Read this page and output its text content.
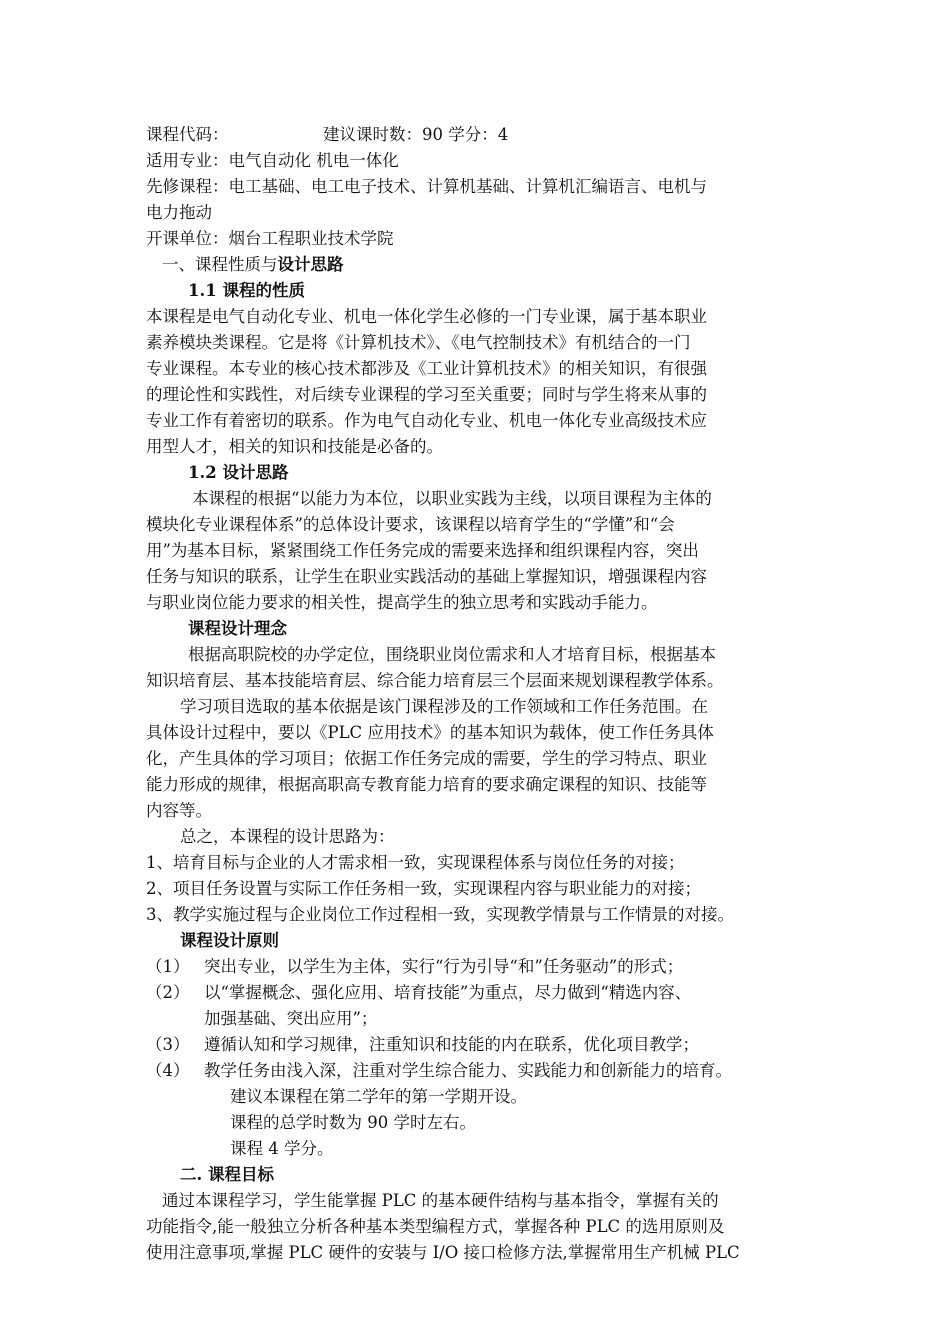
课程代码：	建议课时数：90 学分：4
适用专业：电气自动化 机电一体化
先修课程：电工基础、电工电子技术、计算机基础、计算机汇编语言、电机与
电力拖动
开课单位：烟台工程职业技术学院
一、课程性质与设计思路
1.1 课程的性质
本课程是电气自动化专业、机电一体化学生必修的一门专业课，属于基本职业
素养模块类课程。它是将《计算机技术》、《电气控制技术》有机结合的一门
专业课程。本专业的核心技术都涉及《工业计算机技术》的相关知识，有很强
的理论性和实践性，对后续专业课程的学习至关重要；同时与学生将来从事的
专业工作有着密切的联系。作为电气自动化专业、机电一体化专业高级技术应
用型人才，相关的知识和技能是必备的。
1.2 设计思路
本课程的根据“以能力为本位，以职业实践为主线，以项目课程为主体的
模块化专业课程体系”的总体设计要求，该课程以培育学生的“学懂”和“会
用”为基本目标，紧紧围绕工作任务完成的需要来选择和组织课程内容，突出
任务与知识的联系，让学生在职业实践活动的基础上掌握知识，增强课程内容
与职业岗位能力要求的相关性，提高学生的独立思考和实践动手能力。
课程设计理念
根据高职院校的办学定位，围绕职业岗位需求和人才培育目标，根据基本
知识培育层、基本技能培育层、综合能力培育层三个层面来规划课程教学体系。
学习项目选取的基本依据是该门课程涉及的工作领域和工作任务范围。在
具体设计过程中，要以《PLC 应用技术》的基本知识为载体，使工作任务具体
化，产生具体的学习项目；依据工作任务完成的需要，学生的学习特点、职业
能力形成的规律，根据高职高专教育能力培育的要求确定课程的知识、技能等
内容等。
总之，本课程的设计思路为：
1、培育目标与企业的人才需求相一致，实现课程体系与岗位任务的对接；
2、项目任务设置与实际工作任务相一致，实现课程内容与职业能力的对接；
3、教学实施过程与企业岗位工作过程相一致，实现教学情景与工作情景的对接。
课程设计原则
（1） 突出专业，以学生为主体，实行“行为引导“和”任务驱动”的形式；
（2） 以“掌握概念、强化应用、培育技能”为重点，尽力做到“精选内容、
加强基础、突出应用”；
（3） 遵循认知和学习规律，注重知识和技能的内在联系，优化项目教学；
（4） 教学任务由浅入深，注重对学生综合能力、实践能力和创新能力的培育。
建议本课程在第二学年的第一学期开设。
课程的总学时数为 90 学时左右。
课程 4 学分。
二. 课程目标
通过本课程学习，学生能掌握 PLC 的基本硬件结构与基本指令，掌握有关的
功能指令,能一般独立分析各种基本类型编程方式，掌握各种 PLC 的选用原则及
使用注意事项,掌握 PLC 硬件的安装与 I/O 接口检修方法,掌握常用生产机械 PLC
